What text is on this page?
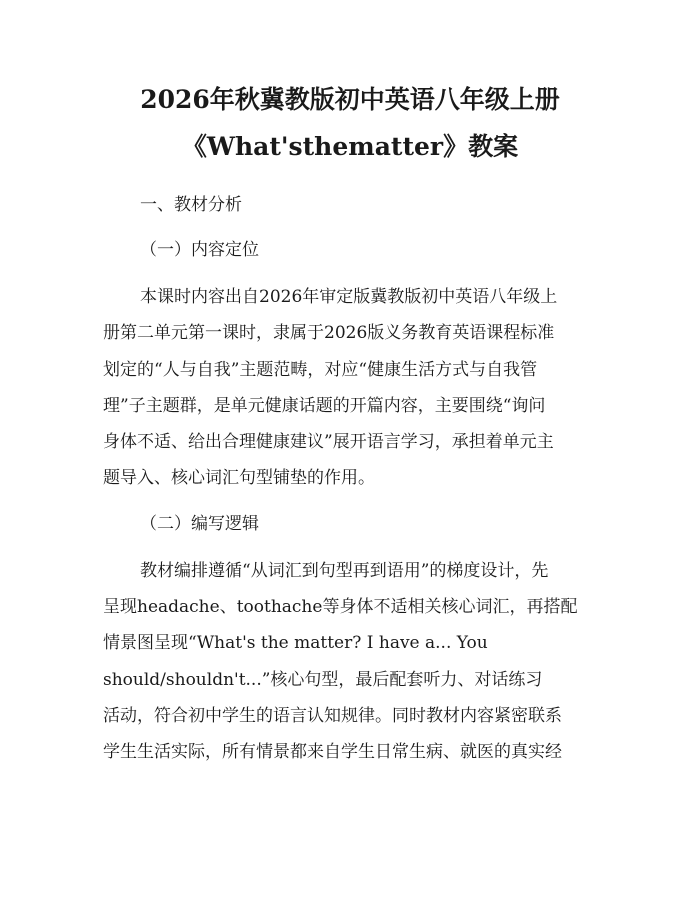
2026年秋冀教版初中英语八年级上册
《What'sthematter》教案
一、教材分析
（一）内容定位
本课时内容出自2026年审定版冀教版初中英语八年级上
册第二单元第一课时，隶属于2026版义务教育英语课程标准
划定的“人与自我”主题范畴，对应“健康生活方式与自我管
理”子主题群，是单元健康话题的开篇内容，主要围绕“询问
身体不适、给出合理健康建议”展开语言学习，承担着单元主
题导入、核心词汇句型铺垫的作用。
（二）编写逻辑
教材编排遵循“从词汇到句型再到语用”的梯度设计，先
呈现headache、toothache等身体不适相关核心词汇，再搭配
情景图呈现“What's the matter? I have a... You
should/shouldn't...”核心句型，最后配套听力、对话练习
活动，符合初中学生的语言认知规律。同时教材内容紧密联系
学生生活实际，所有情景都来自学生日常生病、就医的真实经
